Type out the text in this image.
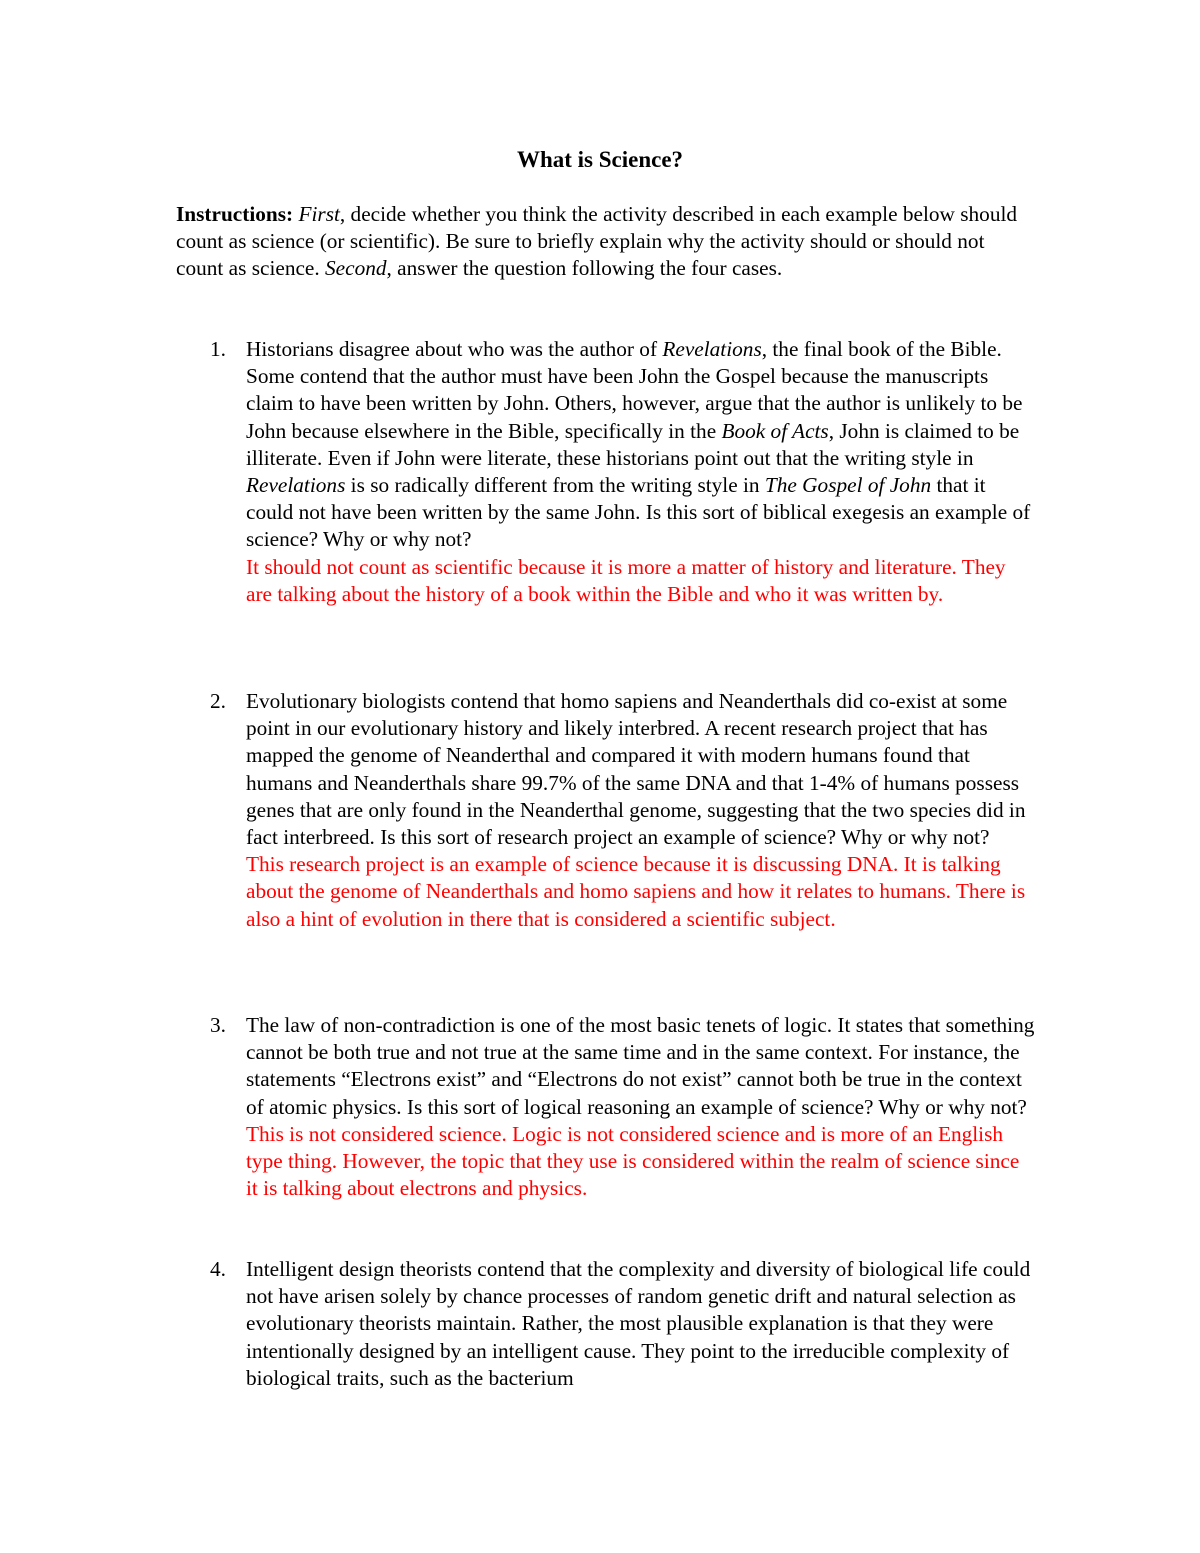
What is Science?
Instructions: First, decide whether you think the activity described in each example below should count as science (or scientific). Be sure to briefly explain why the activity should or should not count as science. Second, answer the question following the four cases.
1. Historians disagree about who was the author of Revelations, the final book of the Bible. Some contend that the author must have been John the Gospel because the manuscripts claim to have been written by John. Others, however, argue that the author is unlikely to be John because elsewhere in the Bible, specifically in the Book of Acts, John is claimed to be illiterate. Even if John were literate, these historians point out that the writing style in Revelations is so radically different from the writing style in The Gospel of John that it could not have been written by the same John. Is this sort of biblical exegesis an example of science? Why or why not?
It should not count as scientific because it is more a matter of history and literature. They are talking about the history of a book within the Bible and who it was written by.
2. Evolutionary biologists contend that homo sapiens and Neanderthals did co-exist at some point in our evolutionary history and likely interbred. A recent research project that has mapped the genome of Neanderthal and compared it with modern humans found that humans and Neanderthals share 99.7% of the same DNA and that 1-4% of humans possess genes that are only found in the Neanderthal genome, suggesting that the two species did in fact interbreed. Is this sort of research project an example of science? Why or why not?
This research project is an example of science because it is discussing DNA. It is talking about the genome of Neanderthals and homo sapiens and how it relates to humans. There is also a hint of evolution in there that is considered a scientific subject.
3. The law of non-contradiction is one of the most basic tenets of logic. It states that something cannot be both true and not true at the same time and in the same context. For instance, the statements “Electrons exist” and “Electrons do not exist” cannot both be true in the context of atomic physics. Is this sort of logical reasoning an example of science? Why or why not?
This is not considered science. Logic is not considered science and is more of an English type thing. However, the topic that they use is considered within the realm of science since it is talking about electrons and physics.
4. Intelligent design theorists contend that the complexity and diversity of biological life could not have arisen solely by chance processes of random genetic drift and natural selection as evolutionary theorists maintain. Rather, the most plausible explanation is that they were intentionally designed by an intelligent cause. They point to the irreducible complexity of biological traits, such as the bacterium
